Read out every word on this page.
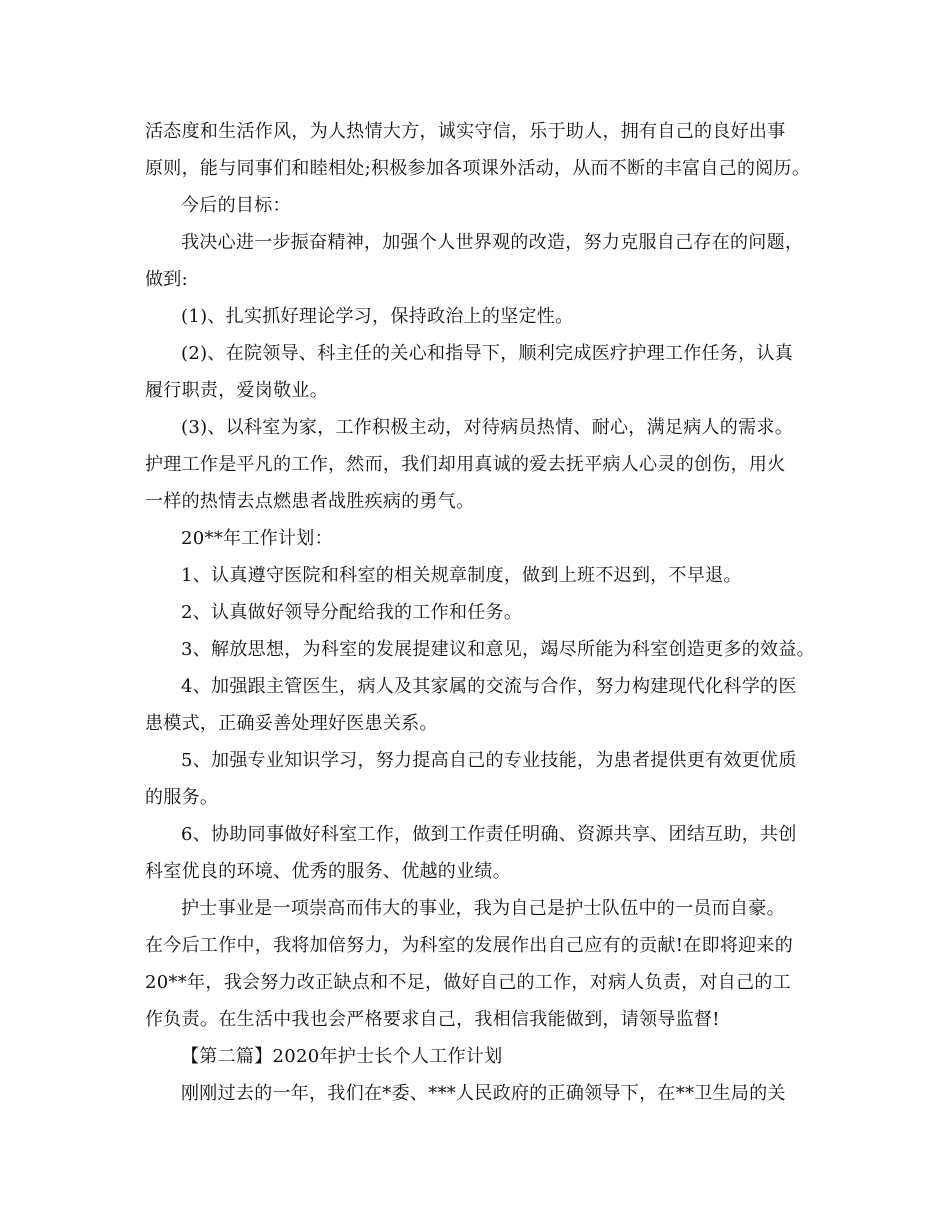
活态度和生活作风，为人热情大方，诚实守信，乐于助人，拥有自己的良好出事
原则，能与同事们和睦相处;积极参加各项课外活动，从而不断的丰富自己的阅历。
今后的目标：
我决心进一步振奋精神，加强个人世界观的改造，努力克服自己存在的问题，
做到:
(1)、扎实抓好理论学习，保持政治上的坚定性。
(2)、在院领导、科主任的关心和指导下，顺利完成医疗护理工作任务，认真
履行职责，爱岗敬业。
(3)、以科室为家，工作积极主动，对待病员热情、耐心，满足病人的需求。
护理工作是平凡的工作，然而，我们却用真诚的爱去抚平病人心灵的创伤，用火
一样的热情去点燃患者战胜疾病的勇气。
20**年工作计划：
1、认真遵守医院和科室的相关规章制度，做到上班不迟到，不早退。
2、认真做好领导分配给我的工作和任务。
3、解放思想，为科室的发展提建议和意见，竭尽所能为科室创造更多的效益。
4、加强跟主管医生，病人及其家属的交流与合作，努力构建现代化科学的医
患模式，正确妥善处理好医患关系。
5、加强专业知识学习，努力提高自己的专业技能，为患者提供更有效更优质
的服务。
6、协助同事做好科室工作，做到工作责任明确、资源共享、团结互助，共创
科室优良的环境、优秀的服务、优越的业绩。
护士事业是一项崇高而伟大的事业，我为自己是护士队伍中的一员而自豪。
在今后工作中，我将加倍努力，为科室的发展作出自己应有的贡献!在即将迎来的
20**年，我会努力改正缺点和不足，做好自己的工作，对病人负责，对自己的工
作负责。在生活中我也会严格要求自己，我相信我能做到，请领导监督!
【第二篇】2020年护士长个人工作计划
刚刚过去的一年，我们在*委、***人民政府的正确领导下，在**卫生局的关
